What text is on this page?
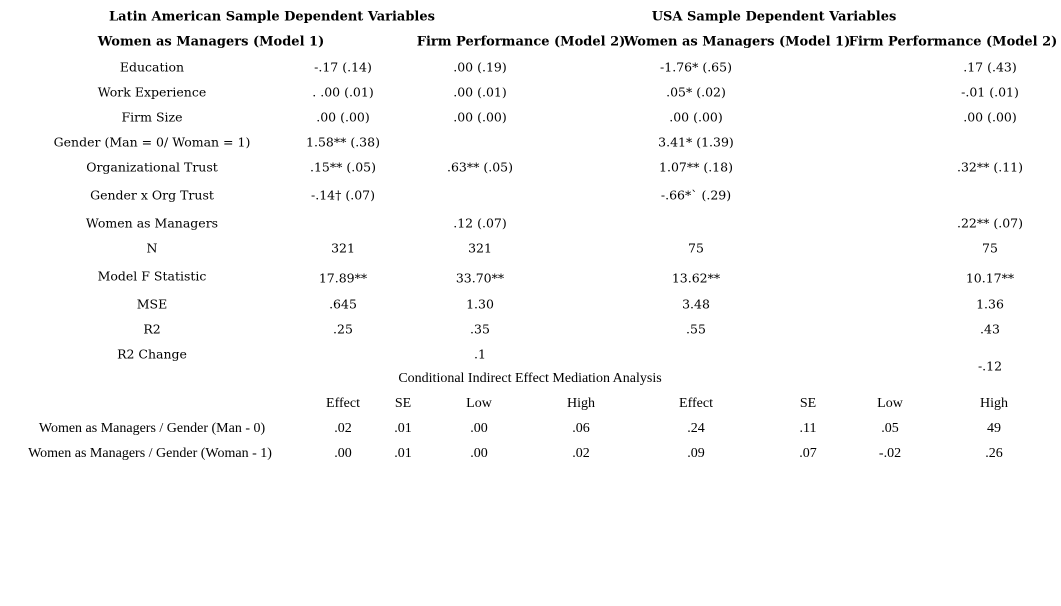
Latin American Sample Dependent Variables	USA Sample Dependent Variables
Women as Managers (Model 1)	Firm Performance (Model 2)
Women as Managers (Model 1)
Firm Performance (Model 2)
Education	-.17 (.14)	.00 (.19)	-1.76* (.65)	.17 (.43)
Work Experience	. .00 (.01)	.00 (.01)	.05* (.02)	-.01 (.01)
Firm Size	.00 (.00)	.00 (.00)	.00 (.00)	.00 (.00)
Gender (Man = 0/ Woman = 1)	1.58** (.38)	3.41* (1.39)
Organizational Trust	.15** (.05)	.63** (.05)	1.07** (.18)	.32** (.11)
Gender x Org Trust	-.14† (.07)	-.66*` (.29)
Women as Managers	.12 (.07)	.22** (.07)
N	321	321	75	75
Model F Statistic	17.89**	33.70**	13.62**	10.17**
MSE	.645	1.30	3.48	1.36
R2	.25	.35	.55	.43
R2 Change	.1
-.12
Conditional Indirect Effect Mediation Analysis
Effect SE	Low	High	Effect	SE	Low	High
Women as Managers / Gender (Man - 0)	.02	.01	.00	.06	.24	.11	.05	49
Women as Managers / Gender (Woman - 1)	.00	.01	.00	.02	.09	.07	-.02	.26
